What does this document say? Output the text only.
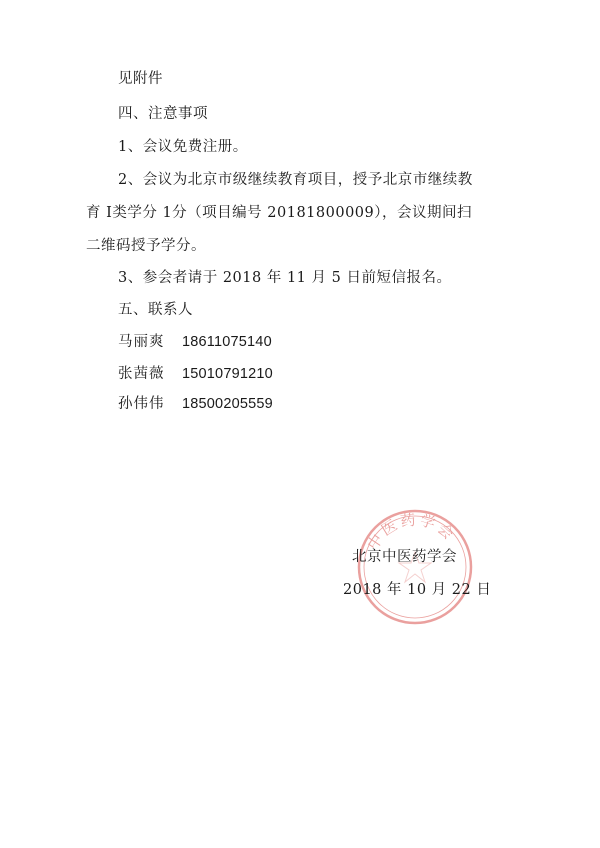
见附件
四、注意事项
1、会议免费注册。
2、会议为北京市级继续教育项目，授予北京市继续教
育 I类学分 1分（项目编号 20181800009），会议期间扫
二维码授予学分。
3、参会者请于 2018 年 11 月 5 日前短信报名。
五、联系人
马丽爽 18611075140
张茜薇 15010791210
孙伟伟 18500205559
中医药学会
北京中医药学会
2018 年 10 月 22 日
